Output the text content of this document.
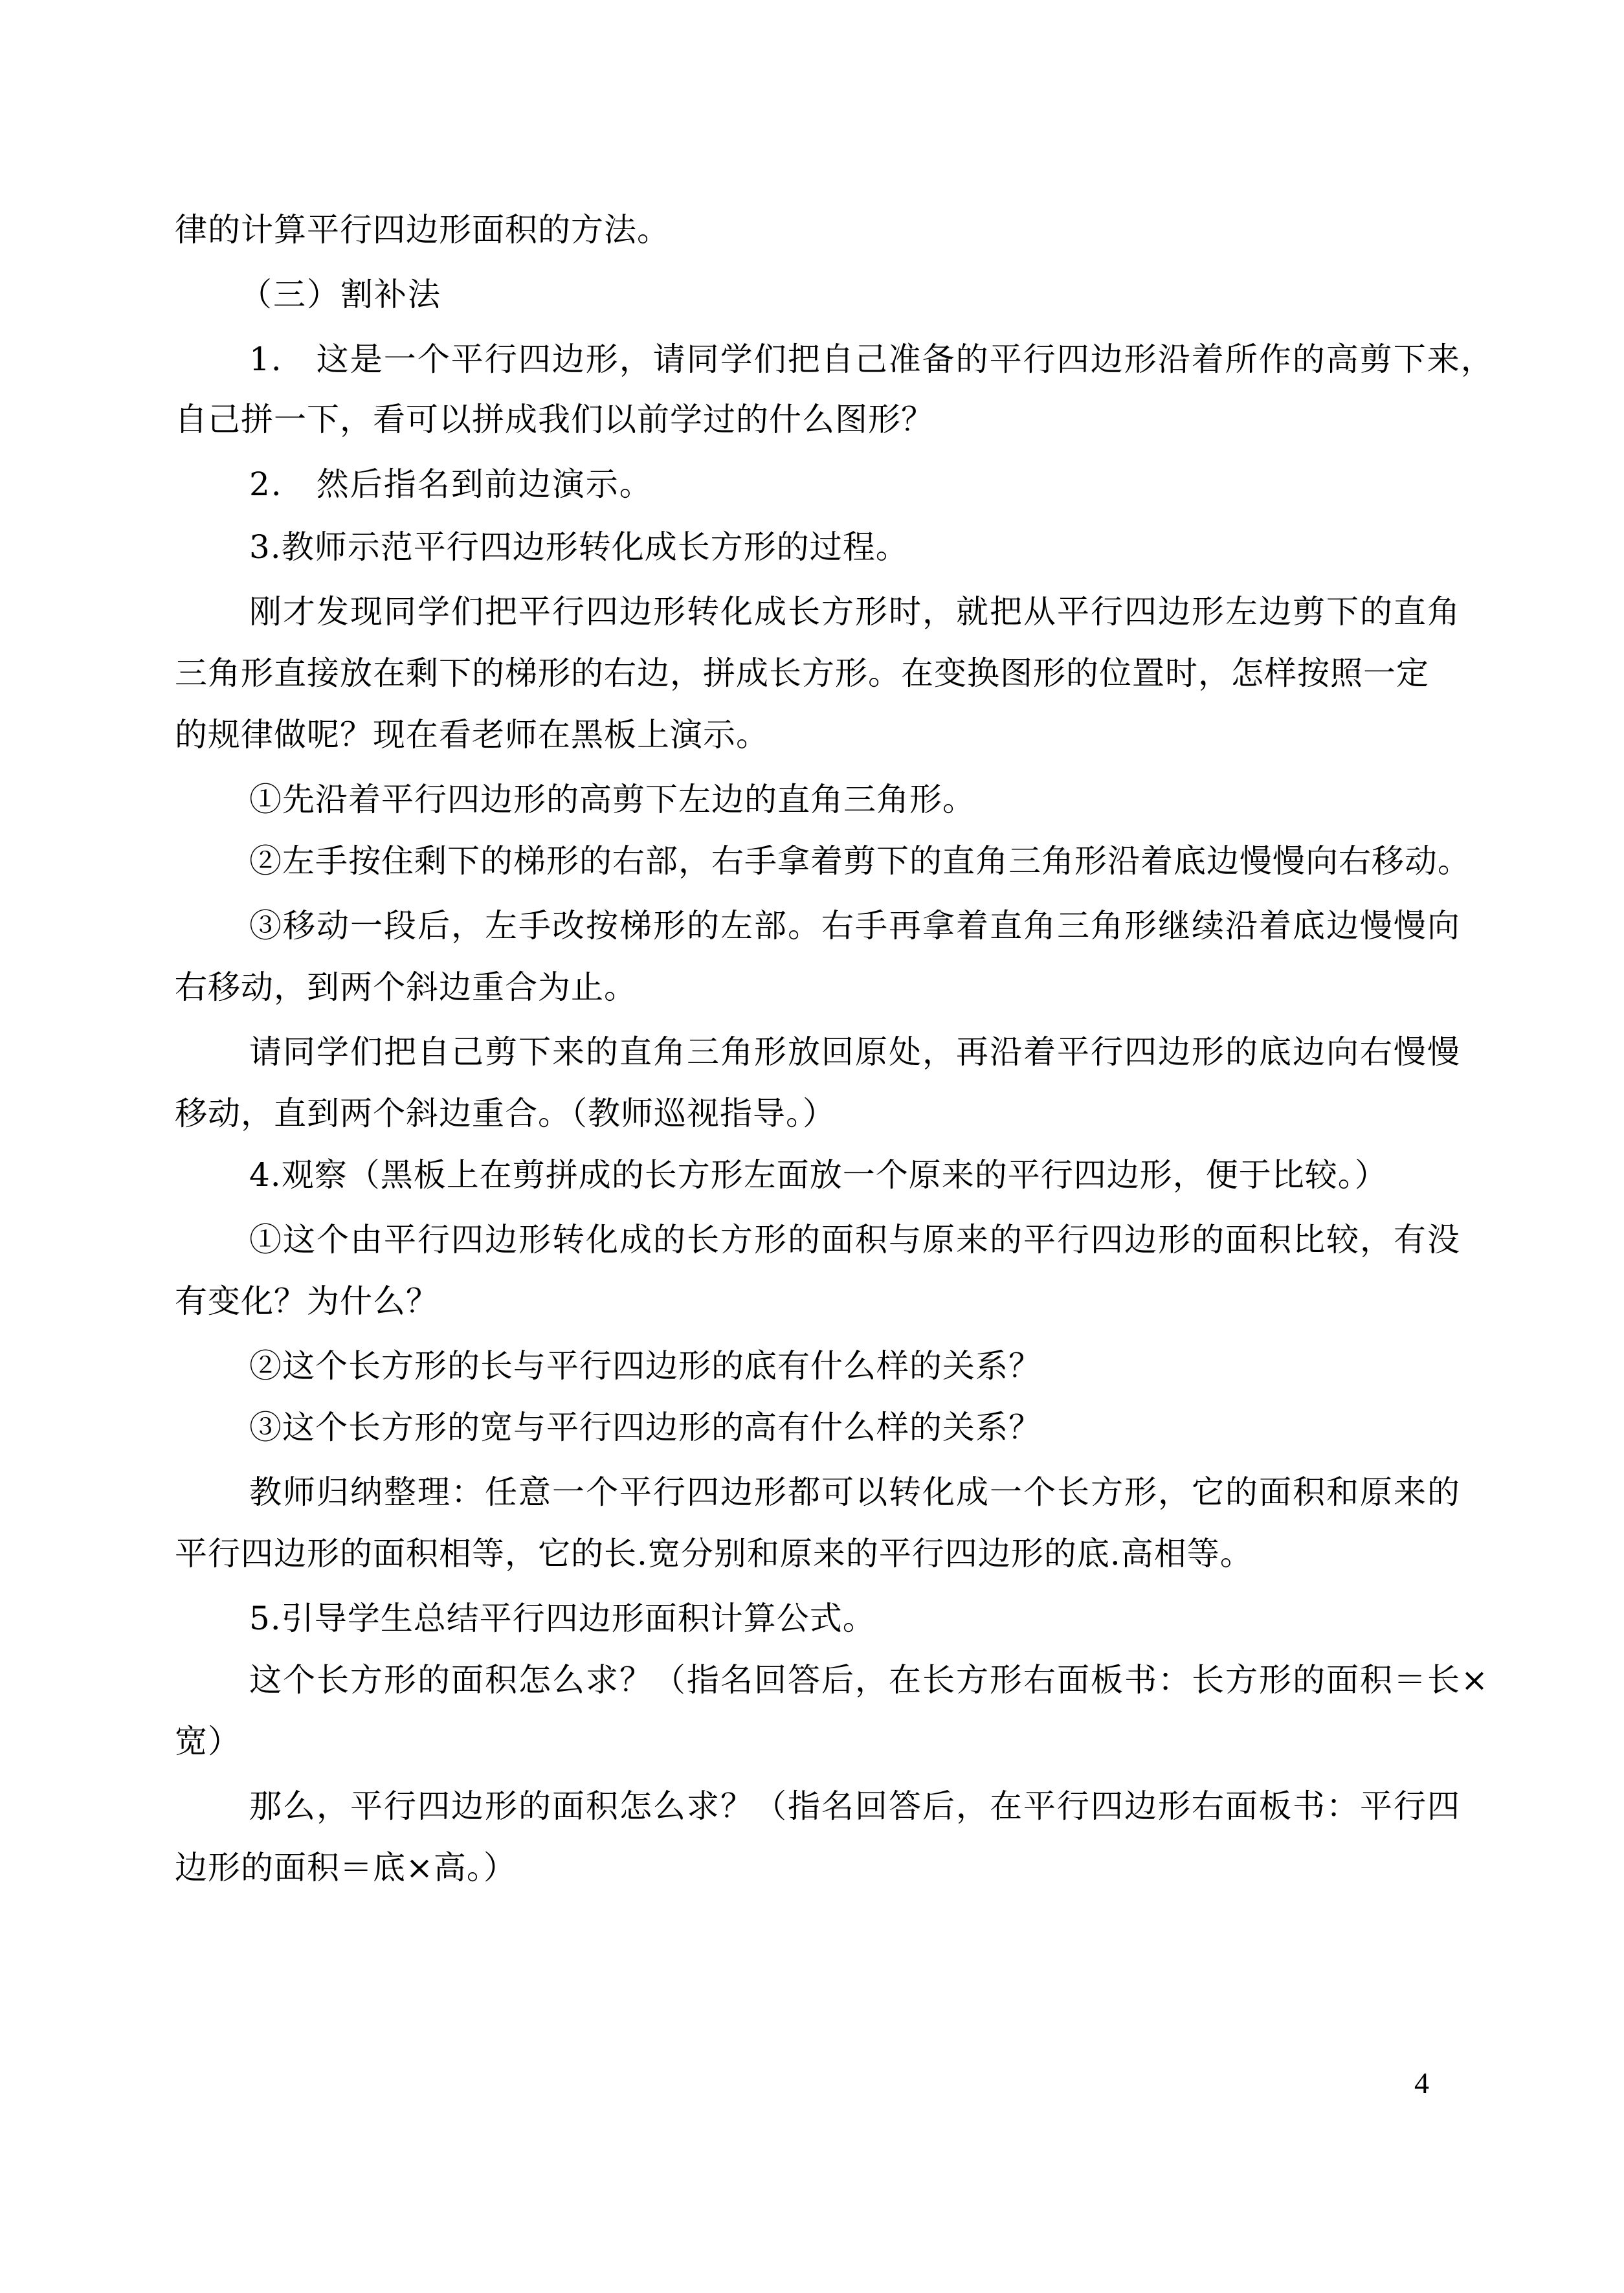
律的计算平行四边形面积的方法。
（三）割补法
1.　这是一个平行四边形，请同学们把自己准备的平行四边形沿着所作的高剪下来，
自己拼一下，看可以拼成我们以前学过的什么图形？
2.　然后指名到前边演示。
3.教师示范平行四边形转化成长方形的过程。
刚才发现同学们把平行四边形转化成长方形时，就把从平行四边形左边剪下的直角
三角形直接放在剩下的梯形的右边，拼成长方形。在变换图形的位置时，怎样按照一定
的规律做呢？现在看老师在黑板上演示。
①先沿着平行四边形的高剪下左边的直角三角形。
②左手按住剩下的梯形的右部，右手拿着剪下的直角三角形沿着底边慢慢向右移动。
③移动一段后，左手改按梯形的左部。右手再拿着直角三角形继续沿着底边慢慢向
右移动，到两个斜边重合为止。
请同学们把自己剪下来的直角三角形放回原处，再沿着平行四边形的底边向右慢慢
移动，直到两个斜边重合。（教师巡视指导。）
4.观察（黑板上在剪拼成的长方形左面放一个原来的平行四边形，便于比较。）
①这个由平行四边形转化成的长方形的面积与原来的平行四边形的面积比较，有没
有变化？为什么？
②这个长方形的长与平行四边形的底有什么样的关系？
③这个长方形的宽与平行四边形的高有什么样的关系？
教师归纳整理：任意一个平行四边形都可以转化成一个长方形，它的面积和原来的
平行四边形的面积相等，它的长.宽分别和原来的平行四边形的底.高相等。
5.引导学生总结平行四边形面积计算公式。
这个长方形的面积怎么求？（指名回答后，在长方形右面板书：长方形的面积＝长×
宽）
那么，平行四边形的面积怎么求？（指名回答后，在平行四边形右面板书：平行四
边形的面积＝底×高。）
4
